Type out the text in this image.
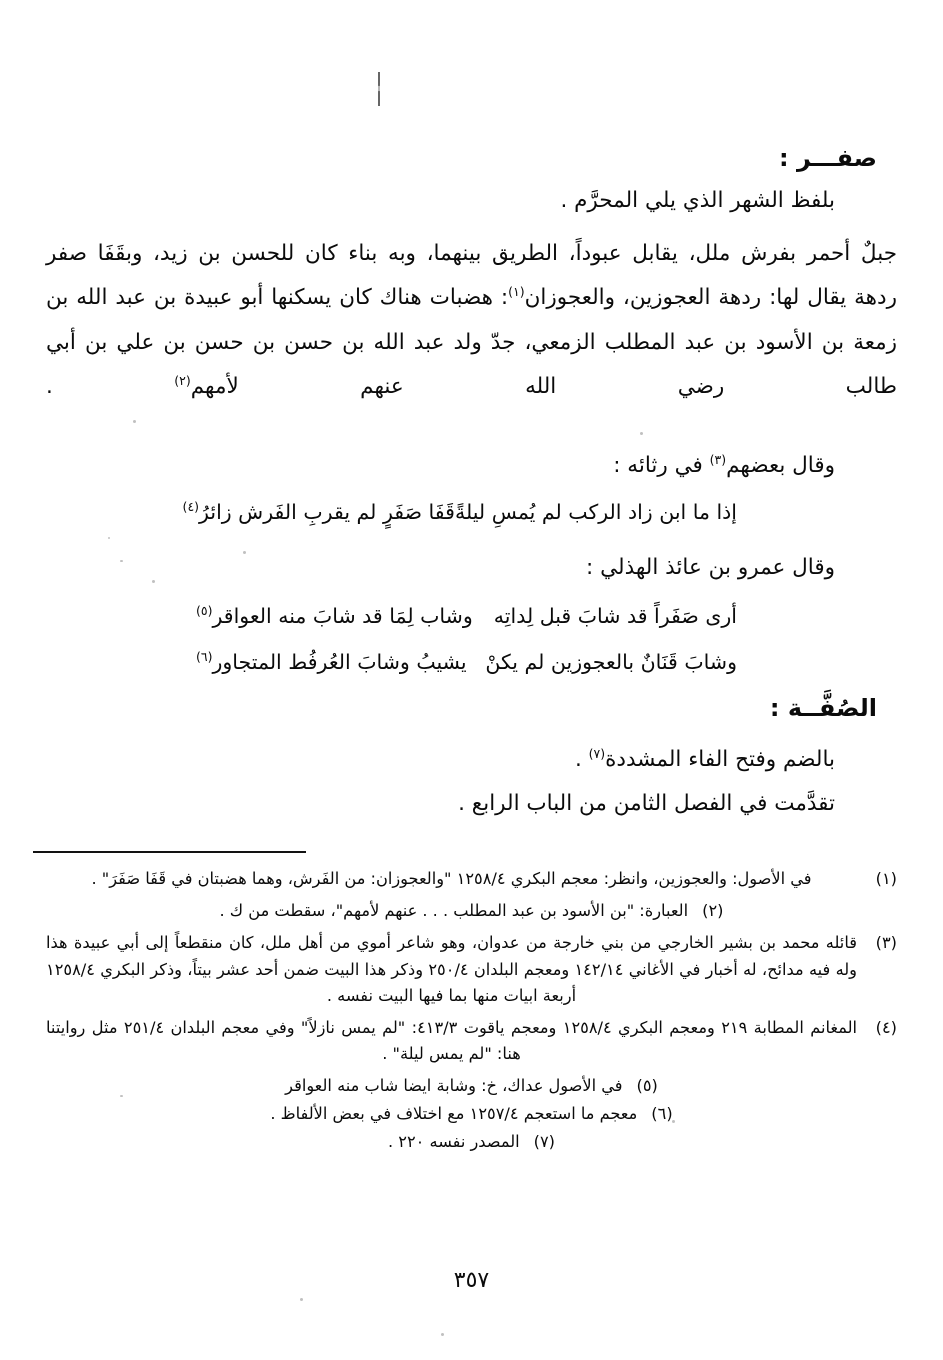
صفـــر :
بلفظ الشهر الذي يلي المحرَّم .
جبلٌ أحمر بفرش ملل، يقابل عبوداً، الطريق بينهما، وبه بناء كان للحسن بن زيد، وبقَفَا صفر ردهة يقال لها: ردهة العجوزين، والعجوزان$^{(١)}$: هضبات هناك كان يسكنها أبو عبيدة بن عبد الله بن زمعة بن الأسود بن عبد المطلب الزمعي، جدّ ولد عبد الله بن حسن بن حسن بن علي بن أبي طالب رضي الله عنهم لأمهم$^{(٢)}$ .
وقال بعضهم$^{(٣)}$ في رثائه :
إذا ما ابن زاد الركب لم يُمسِ ليلةً
قَفَا صَفَرٍ لم يقربِ الفَرش زائرُ$^{(٤)}$
وقال عمرو بن عائذ الهذلي :
أرى صَفَراً قد شابَ قبل لِداتِه
وشاب لِمَا قد شابَ منه العواقر$^{(٥)}$
وشابَ قَنَانٌ بالعجوزين لم يكنْ
يشيبُ وشابَ العُرفُط المتجاور$^{(٦)}$
الصُفَّــة :
بالضم وفتح الفاء المشددة$^{(٧)}$ .
تقدَّمت في الفصل الثامن من الباب الرابع .
(١)
في الأصول: والعجوزين، وانظر: معجم البكري ١٢٥٨/٤ "والعجوزان: من الفَرش، وهما هضبتان في قَفَا صَفَرَ" .
(٢)
العبارة: "بن الأسود بن عبد المطلب . . . عنهم لأمهم"، سقطت من ك .
(٣)
قائله محمد بن بشير الخارجي من بني خارجة من عدوان، وهو شاعر أموي من أهل ملل، كان منقطعاً إلى أبي عبيدة هذا وله فيه مدائح، له أخبار في الأغاني ١٤٢/١٤ ومعجم البلدان ٢٥٠/٤ وذكر هذا البيت ضمن أحد عشر بيتاً، وذكر البكري ١٢٥٨/٤ أربعة ابيات منها بما فيها البيت نفسه .
(٤)
المغانم المطابة ٢١٩ ومعجم البكري ١٢٥٨/٤ ومعجم ياقوت ٤١٣/٣: "لم يمس نازلاً" وفي معجم البلدان ٢٥١/٤ مثل روايتنا هنا: "لم يمس ليلة" .
(٥)
في الأصول عداك، خ: وشابة ايضا شاب منه العواقر
(٦)
معجم ما استعجم ١٢٥٧/٤ مع اختلاف في بعض الألفاظ .
(٧)
المصدر نفسه ٢٢٠ .
٣٥٧
